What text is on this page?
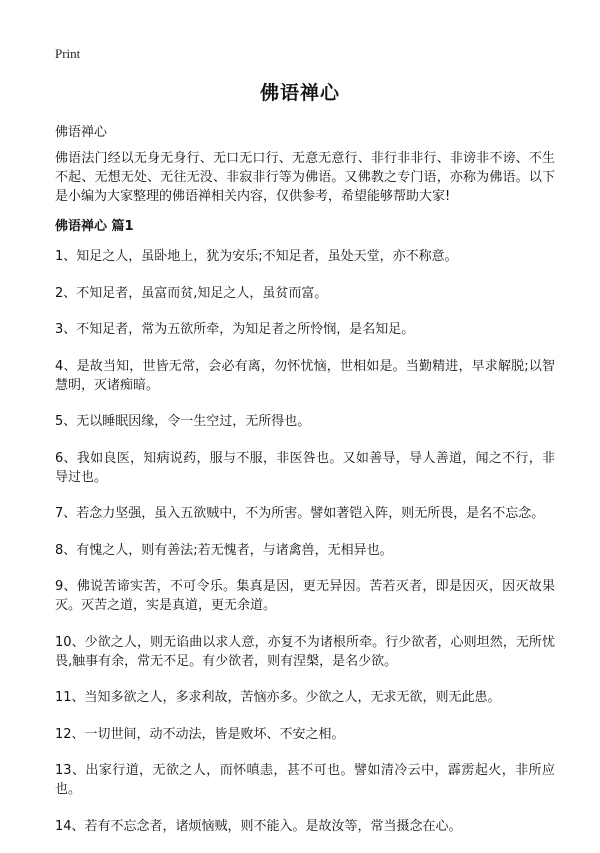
Print
佛语禅心
佛语禅心
佛语法门经以无身无身行、无口无口行、无意无意行、非行非非行、非谤非不谤、不生不起、无想无处、无往无没、非寂非行等为佛语。又佛教之专门语，亦称为佛语。以下是小编为大家整理的佛语禅相关内容，仅供参考，希望能够帮助大家!
佛语禅心 篇1
1、知足之人，虽卧地上，犹为安乐;不知足者，虽处天堂，亦不称意。
2、不知足者，虽富而贫,知足之人，虽贫而富。
3、不知足者，常为五欲所牵，为知足者之所怜悯，是名知足。
4、是故当知，世皆无常，会必有离，勿怀忧恼，世相如是。当勤精进，早求解脱;以智慧明，灭诸痴暗。
5、无以睡眠因缘，令一生空过，无所得也。
6、我如良医，知病说药，服与不服，非医咎也。又如善导，导人善道，闻之不行，非导过也。
7、若念力坚强，虽入五欲贼中，不为所害。譬如著铠入阵，则无所畏，是名不忘念。
8、有愧之人，则有善法;若无愧者，与诸禽兽，无相异也。
9、佛说苦谛实苦，不可令乐。集真是因，更无异因。苦若灭者，即是因灭，因灭故果灭。灭苦之道，实是真道，更无余道。
10、少欲之人，则无谄曲以求人意，亦复不为诸根所牵。行少欲者，心则坦然，无所忧畏,触事有余，常无不足。有少欲者，则有涅槃，是名少欲。
11、当知多欲之人，多求利故，苦恼亦多。少欲之人，无求无欲，则无此患。
12、一切世间，动不动法，皆是败坏、不安之相。
13、出家行道，无欲之人，而怀嗔恚，甚不可也。譬如清冷云中，霹雳起火，非所应也。
14、若有不忘念者，诸烦恼贼，则不能入。是故汝等，常当摄念在心。
